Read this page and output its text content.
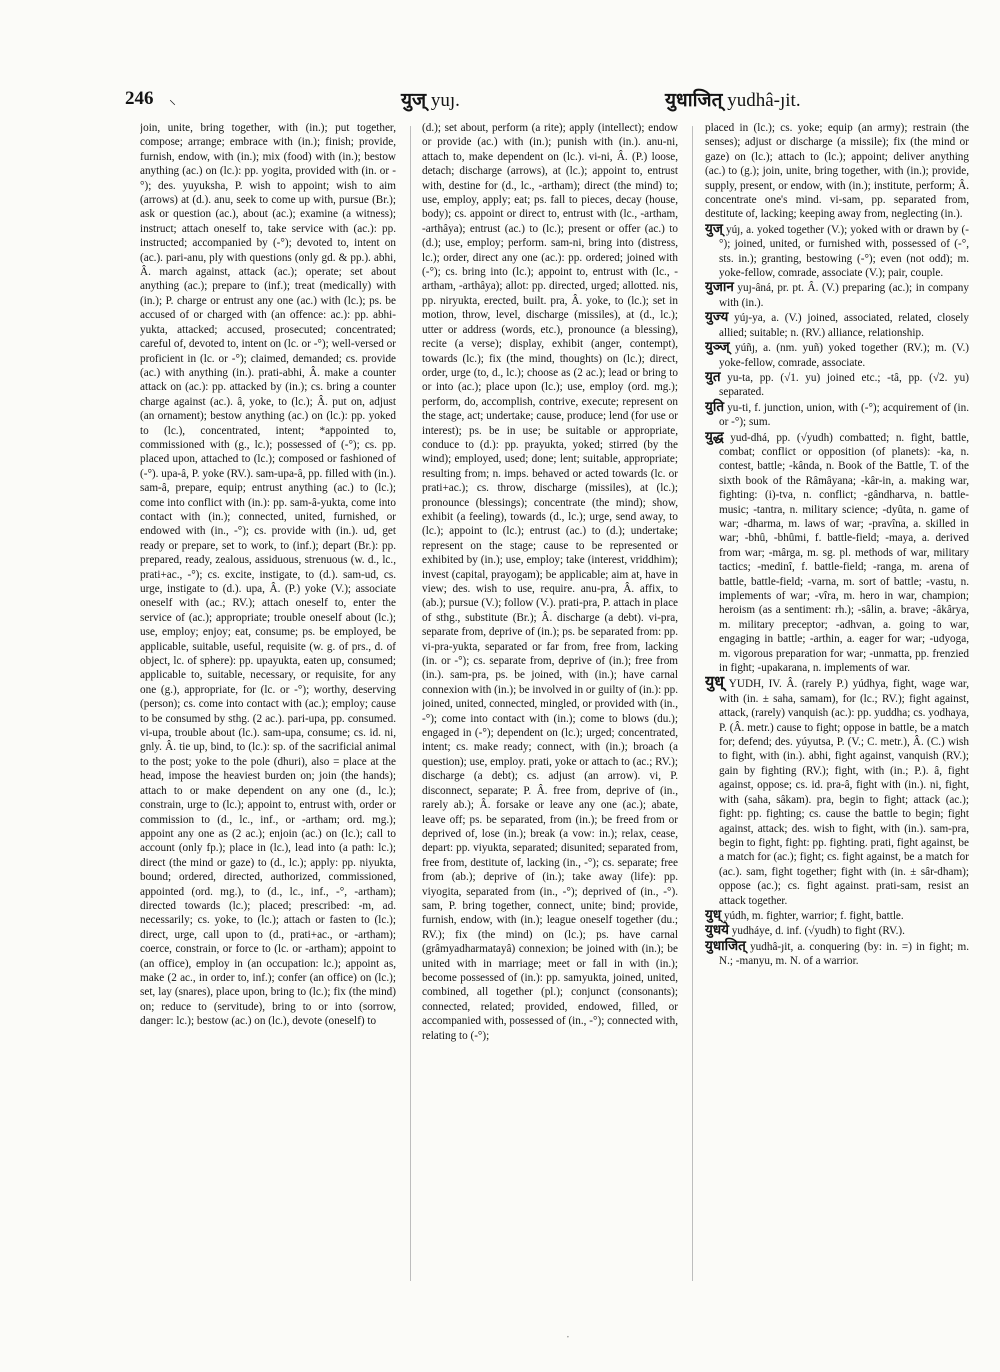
246 ⸜	युज् yuȷ.	युधाजित् yudhâ-ȷit.

join, unite, bring together, with (in.); put together, compose; arrange; embrace with (in.); finish; provide, furnish, endow, with (in.); mix (food) with (in.); bestow anything (ac.) on (lc.): pp. yogita, provided with (in. or -°); des. yuyuksha, P. wish to appoint; wish to aim (arrows) at (d.). anu, seek to come up with, pursue (Br.); ask or question (ac.), about (ac.); examine (a witness); instruct; attach oneself to, take service with (ac.): pp. instructed; accompanied by (-°); devoted to, intent on (ac.). pari-anu, ply with questions (only gd. & pp.). abhi, Â. march against, attack (ac.); operate; set about anything (ac.); prepare to (inf.); treat (medically) with (in.); P. charge or entrust any one (ac.) with (lc.); ps. be accused of or charged with (an offence: ac.): pp. abhi-yukta, attacked; accused, prosecuted; concentrated; careful of, devoted to, intent on (lc. or -°); well-versed or proficient in (lc. or -°); claimed, demanded; cs. provide (ac.) with anything (in.). prati-abhi, Â. make a counter attack on (ac.): pp. attacked by (in.); cs. bring a counter charge against (ac.). â, yoke, to (lc.); Â. put on, adjust (an ornament); bestow anything (ac.) on (lc.): pp. yoked to (lc.), concentrated, intent; *appointed to, commissioned with (g., lc.); possessed of (-°); cs. pp. placed upon, attached to (lc.); composed or fashioned of (-°). upa-â, P. yoke (RV.). sam-upa-â, pp. filled with (in.). sam-â, prepare, equip; entrust anything (ac.) to (lc.); come into conflict with (in.): pp. sam-â-yukta, come into contact with (in.); connected, united, furnished, or endowed with (in., -°); cs. provide with (in.). ud, get ready or prepare, set to work, to (inf.); depart (Br.): pp. prepared, ready, zealous, assiduous, strenuous (w. d., lc., prati+ac., -°); cs. excite, instigate, to (d.). sam-ud, cs. urge, instigate to (d.). upa, Â. (P.) yoke (V.); associate oneself with (ac.; RV.); attach oneself to, enter the service of (ac.); appropriate; trouble oneself about (lc.); use, employ; enjoy; eat, consume; ps. be employed, be applicable, suitable, useful, requisite (w. g. of prs., d. of object, lc. of sphere): pp. upayukta, eaten up, consumed; applicable to, suitable, necessary, or requisite, for any one (g.), appropriate, for (lc. or -°); worthy, deserving (person); cs. come into contact with (ac.); employ; cause to be consumed by sthg. (2 ac.). pari-upa, pp. consumed. vi-upa, trouble about (lc.). sam-upa, consume; cs. id. ni, gnly. Â. tie up, bind, to (lc.): sp. of the sacrificial animal to the post; yoke to the pole (dhuri), also = place at the head, impose the heaviest burden on; join (the hands); attach to or make dependent on any one (d., lc.); constrain, urge to (lc.); appoint to, entrust with, order or commission to (d., lc., inf., or -artham; ord. mg.); appoint any one as (2 ac.); enjoin (ac.) on (lc.); call to account (only fp.); place in (lc.), lead into (a path: lc.); direct (the mind or gaze) to (d., lc.); apply: pp. niyukta, bound; ordered, directed, authorized, commissioned, appointed (ord. mg.), to (d., lc., inf., -°, -artham); directed towards (lc.); placed; prescribed: -m, ad. necessarily; cs. yoke, to (lc.); attach or fasten to (lc.); direct, urge, call upon to (d., prati+ac., or -artham); coerce, constrain, or force to (lc. or -artham); appoint to (an office), employ in (an occupation: lc.); appoint as, make (2 ac., in order to, inf.); confer (an office) on (lc.); set, lay (snares), place upon, bring to (lc.); fix (the mind) on; reduce to (servitude), bring to or into (sorrow, danger: lc.); bestow (ac.) on (lc.), devote (oneself) to

(d.); set about, perform (a rite); apply (intellect); endow or provide (ac.) with (in.); punish with (in.). anu-ni, attach to, make dependent on (lc.). vi-ni, Â. (P.) loose, detach; discharge (arrows), at (lc.); appoint to, entrust with, destine for (d., lc., -artham); direct (the mind) to; use, employ, apply; eat; ps. fall to pieces, decay (house, body); cs. appoint or direct to, entrust with (lc., -artham, -arthâya); entrust (ac.) to (lc.); present or offer (ac.) to (d.); use, employ; perform. sam-ni, bring into (distress, lc.); order, direct any one (ac.): pp. ordered; joined with (-°); cs. bring into (lc.); appoint to, entrust with (lc., -artham, -arthâya); allot: pp. directed, urged; allotted. nis, pp. niryukta, erected, built. pra, Â. yoke, to (lc.); set in motion, throw, level, discharge (missiles), at (d., lc.); utter or address (words, etc.), pronounce (a blessing), recite (a verse); display, exhibit (anger, contempt), towards (lc.); fix (the mind, thoughts) on (lc.); direct, order, urge (to, d., lc.); choose as (2 ac.); lead or bring to or into (ac.); place upon (lc.); use, employ (ord. mg.); perform, do, accomplish, contrive, execute; represent on the stage, act; undertake; cause, produce; lend (for use or interest); ps. be in use; be suitable or appropriate, conduce to (d.): pp. prayukta, yoked; stirred (by the wind); employed, used; done; lent; suitable, appropriate; resulting from; n. imps. behaved or acted towards (lc. or prati+ac.); cs. throw, discharge (missiles), at (lc.); pronounce (blessings); concentrate (the mind); show, exhibit (a feeling), towards (d., lc.); urge, send away, to (lc.); appoint to (lc.); entrust (ac.) to (d.); undertake; represent on the stage; cause to be represented or exhibited by (in.); use, employ; take (interest, vriddhim); invest (capital, prayogam); be applicable; aim at, have in view; des. wish to use, require. anu-pra, Â. affix, to (ab.); pursue (V.); follow (V.). prati-pra, P. attach in place of sthg., substitute (Br.); Â. discharge (a debt). vi-pra, separate from, deprive of (in.); ps. be separated from: pp. vi-pra-yukta, separated or far from, free from, lacking (in. or -°); cs. separate from, deprive of (in.); free from (in.). sam-pra, ps. be joined, with (in.); have carnal connexion with (in.); be involved in or guilty of (in.): pp. joined, united, connected, mingled, or provided with (in., -°); come into contact with (in.); come to blows (du.); engaged in (-°); dependent on (lc.); urged; concentrated, intent; cs. make ready; connect, with (in.); broach (a question); use, employ. prati, yoke or attach to (ac.; RV.); discharge (a debt); cs. adjust (an arrow). vi, P. disconnect, separate; P. Â. free from, deprive of (in., rarely ab.); Â. forsake or leave any one (ac.); abate, leave off; ps. be separated, from (in.); be freed from or deprived of, lose (in.); break (a vow: in.); relax, cease, depart: pp. viyukta, separated; disunited; separated from, free from, destitute of, lacking (in., -°); cs. separate; free from (ab.); deprive of (in.); take away (life): pp. viyogita, separated from (in., -°); deprived of (in., -°). sam, P. bring together, connect, unite; bind; provide, furnish, endow, with (in.); league oneself together (du.; RV.); fix (the mind) on (lc.); ps. have carnal (grâmyadharmatayâ) connexion; be joined with (in.); be united with in marriage; meet or fall in with (in.); become possessed of (in.): pp. samyukta, joined, united, combined, all together (pl.); conjunct (consonants); connected, related; provided, endowed, filled, or accompanied with, possessed of (in., -°); connected with, relating to (-°);

placed in (lc.); cs. yoke; equip (an army); restrain (the senses); adjust or discharge (a missile); fix (the mind or gaze) on (lc.); attach to (lc.); appoint; deliver anything (ac.) to (g.); join, unite, bring together, with (in.); provide, supply, present, or endow, with (in.); institute, perform; Â. concentrate one's mind. vi-sam, pp. separated from, destitute of, lacking; keeping away from, neglecting (in.).

युज् yúȷ, a. yoked together (V.); yoked with or drawn by (-°); joined, united, or furnished with, possessed of (-°, sts. in.); granting, bestowing (-°); even (not odd); m. yoke-fellow, comrade, associate (V.); pair, couple.

युजान yuȷ-âná, pr. pt. Â. (V.) preparing (ac.); in company with (in.).

युज्य yúȷ-ya, a. (V.) joined, associated, related, closely allied; suitable; n. (RV.) alliance, relationship.

युञ्ज् yúñȷ, a. (nm. yuñ) yoked together (RV.); m. (V.) yoke-fellow, comrade, associate.

युत yu-ta, pp. (√1. yu) joined etc.; -tâ, pp. (√2. yu) separated.

युति yu-ti, f. junction, union, with (-°); acquirement of (in. or -°); sum.

युद्ध yud-dhá, pp. (√yudh) combatted; n. fight, battle, combat; conflict or opposition (of planets): -ka, n. contest, battle; -kânda, n. Book of the Battle, T. of the sixth book of the Râmâyana; -kâr-in, a. making war, fighting: (i)-tva, n. conflict; -gândharva, n. battle-music; -tantra, n. military science; -dyûta, n. game of war; -dharma, m. laws of war; -pravîna, a. skilled in war; -bhû, -bhûmi, f. battle-field; -maya, a. derived from war; -mârga, m. sg. pl. methods of war, military tactics; -medinî, f. battle-field; -ranga, m. arena of battle, battle-field; -varna, m. sort of battle; -vastu, n. implements of war; -vîra, m. hero in war, champion; heroism (as a sentiment: rh.); -sâlin, a. brave; -âkârya, m. military preceptor; -adhvan, a. going to war, engaging in battle; -arthin, a. eager for war; -udyoga, m. vigorous preparation for war; -unmatta, pp. frenzied in fight; -upakarana, n. implements of war.

युध् YUDH, IV. Â. (rarely P.) yúdhya, fight, wage war, with (in. ± saha, samam), for (lc.; RV.); fight against, attack, (rarely) vanquish (ac.): pp. yuddha; cs. yodhaya, P. (Â. metr.) cause to fight; oppose in battle, be a match for; defend; des. yúyutsa, P. (V.; C. metr.), Â. (C.) wish to fight, with (in.). abhi, fight against, vanquish (RV.); gain by fighting (RV.); fight, with (in.; P.). â, fight against, oppose; cs. id. pra-â, fight with (in.). ni, fight, with (saha, sâkam). pra, begin to fight; attack (ac.); fight: pp. fighting; cs. cause the battle to begin; fight against, attack; des. wish to fight, with (in.). sam-pra, begin to fight, fight: pp. fighting. prati, fight against, be a match for (ac.); fight; cs. fight against, be a match for (ac.). sam, fight together; fight with (in. ± sâr-dham); oppose (ac.); cs. fight against. prati-sam, resist an attack together.

युध् yúdh, m. fighter, warrior; f. fight, battle.

युधये yudháye, d. inf. (√yudh) to fight (RV.).

युधाजित् yudhâ-ȷit, a. conquering (by: in. =) in fight; m. N.; -manyu, m. N. of a warrior.

·
